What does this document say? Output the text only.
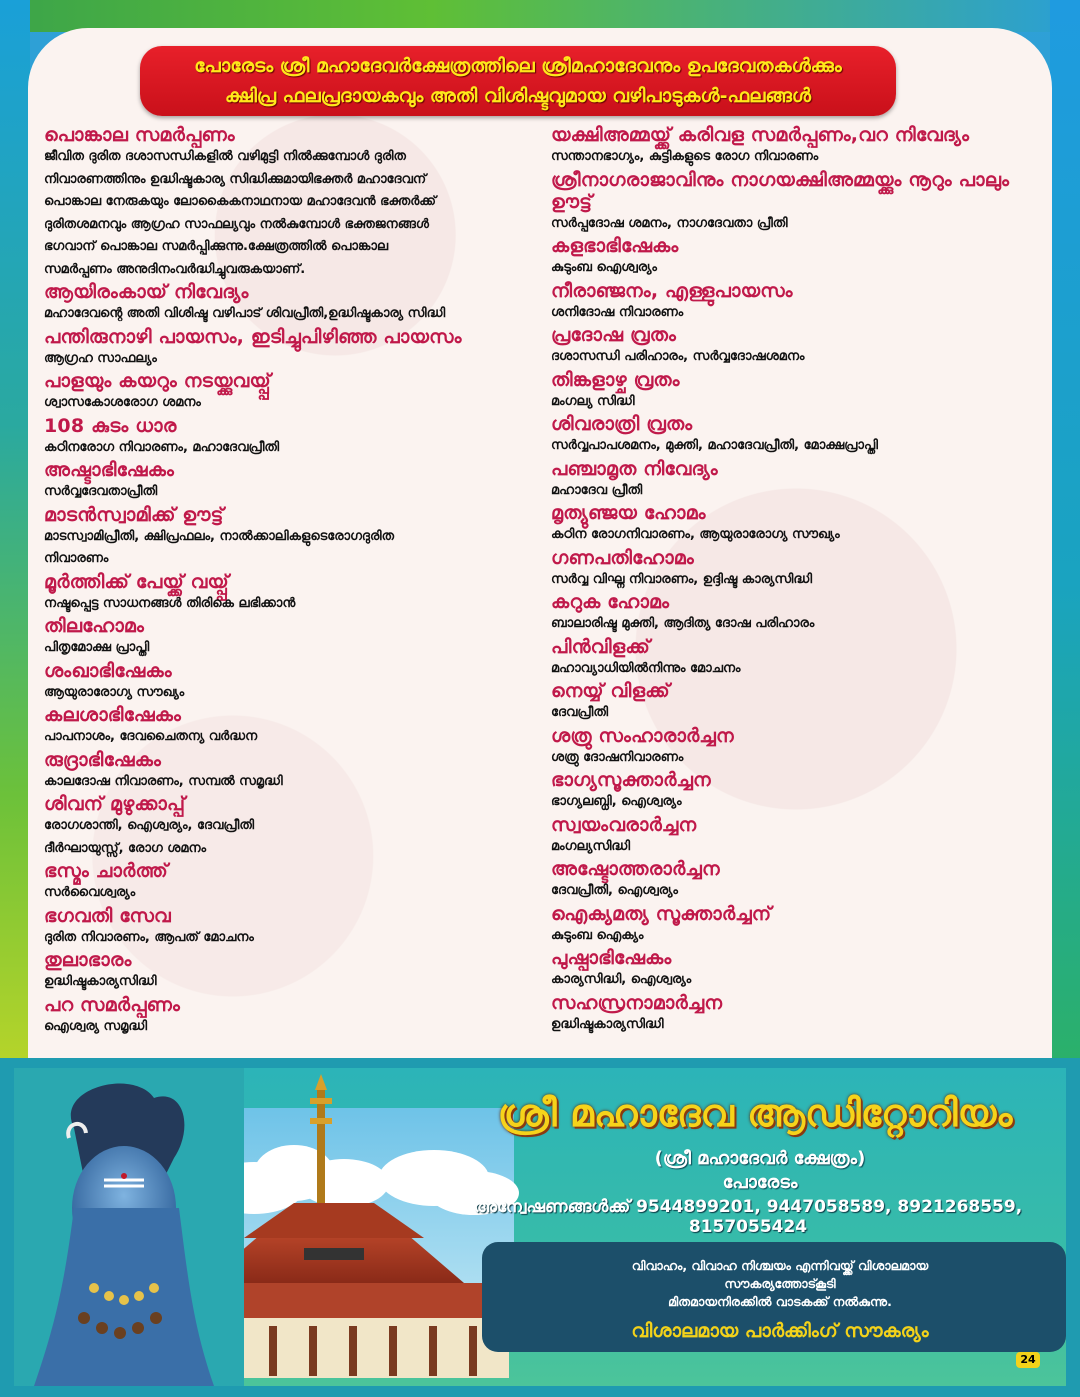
പോരേടം ശ്രീ മഹാദേവർക്ഷേത്രത്തിലെ ശ്രീമഹാദേവനും ഉപദേവതകൾക്കും
ക്ഷിപ്ര ഫലപ്രദായകവും അതി വിശിഷ്ടവുമായ വഴിപാടുകൾ-ഫലങ്ങൾ
പൊങ്കാല സമർപ്പണം

ജീവിത ദുരിത ദശാസന്ധികളിൽ വഴിമുട്ടി നിൽക്കുമ്പോൾ ദുരിത

നിവാരണത്തിനും ഉദ്ധിഷ്ടകാര്യ സിദ്ധിക്കുമായിഭക്തർ മഹാദേവന്

പൊങ്കാല നേരുകയും ലോകൈകനാഥനായ മഹാദേവൻ ഭക്തർക്ക്

ദുരിതശമനവും ആഗ്രഹ സാഫല്യവും നൽകുമ്പോൾ ഭക്തജനങ്ങൾ

ഭഗവാന് പൊങ്കാല സമർപ്പിക്കുന്നു.ക്ഷേത്രത്തിൽ പൊങ്കാല

സമർപ്പണം അനുദിനംവർദ്ധിച്ചുവരുകയാണ്.

ആയിരംകായ് നിവേദ്യം

മഹാദേവന്റെ അതി വിശിഷ്ട വഴിപാട് ശിവപ്രീതി,ഉദ്ധിഷ്ടകാര്യ സിദ്ധി

പന്തിരുനാഴി പായസം, ഇടിച്ചുപിഴിഞ്ഞ പായസം

ആഗ്രഹ സാഫല്യം

പാളയും കയറും നടയ്ക്കുവയ്പ്പ്

ശ്വാസകോശരോഗ ശമനം

108 കുടം ധാര

കഠിനരോഗ നിവാരണം, മഹാദേവപ്രീതി

അഷ്ടാഭിഷേകം

സർവ്വദേവതാപ്രീതി

മാടൻസ്വാമിക്ക് ഊട്ട്

മാടസ്വാമിപ്രീതി, ക്ഷിപ്രഫലം, നാൽക്കാലികളുടെരോഗദുരിത

നിവാരണം

മൂർത്തിക്ക് പേയ്ക്ക് വയ്പ്പ്

നഷ്ടപ്പെട്ട സാധനങ്ങൾ തിരികെ ലഭിക്കാൻ

തിലഹോമം

പിതൃമോക്ഷ പ്രാപ്തി

ശംഖാഭിഷേകം

ആയുരാരോഗ്യ സൗഖ്യം

കലശാഭിഷേകം

പാപനാശം, ദേവചൈതന്യ വർദ്ധന

രുദ്രാഭിഷേകം

കാലദോഷ നിവാരണം, സമ്പൽ സമൃദ്ധി

ശിവന് മുഴുക്കാപ്പ്

രോഗശാന്തി, ഐശ്വര്യം, ദേവപ്രീതി

ദീർഘായുസ്സ്, രോഗ ശമനം

ഭസ്മം ചാർത്ത്

സർവൈശ്വര്യം

ഭഗവതി സേവ

ദുരിത നിവാരണം, ആപത് മോചനം

തുലാഭാരം

ഉദ്ധിഷ്ടകാര്യസിദ്ധി

പറ സമർപ്പണം

ഐശ്വര്യ സമൃദ്ധി

യക്ഷിഅമ്മയ്ക്ക് കരിവള സമർപ്പണം,വറ നിവേദ്യം

സന്താനഭാഗ്യം, കുട്ടികളുടെ രോഗ നിവാരണം

ശ്രീനാഗരാജാവിനും നാഗയക്ഷിഅമ്മയ്ക്കും നൂറും പാലും ഊട്ട്

സർപ്പദോഷ ശമനം, നാഗദേവതാ പ്രീതി

കളഭാഭിഷേകം

കുടുംബ ഐശ്വര്യം

നീരാഞ്ജനം, എള്ളുപായസം

ശനിദോഷ നിവാരണം

പ്രദോഷ വ്രതം

ദശാസന്ധി പരിഹാരം, സർവ്വദോഷശമനം

തിങ്കളാഴ്ച വ്രതം

മംഗല്യ സിദ്ധി

ശിവരാത്രി വ്രതം

സർവ്വപാപശമനം, മുക്തി, മഹാദേവപ്രീതി, മോക്ഷപ്രാപ്തി

പഞ്ചാമൃത നിവേദ്യം

മഹാദേവ പ്രീതി

മൃത്യുഞ്ജയ ഹോമം

കഠിന രോഗനിവാരണം, ആയുരാരോഗ്യ സൗഖ്യം

ഗണപതിഹോമം

സർവ്വ വിഘ്ന നിവാരണം, ഉദ്ദിഷ്ട കാര്യസിദ്ധി

കറുക ഹോമം

ബാലാരിഷ്ട മുക്തി, ആദിത്യ ദോഷ പരിഹാരം

പിൻവിളക്ക്

മഹാവ്യാധിയിൽനിന്നും മോചനം

നെയ്യ് വിളക്ക്

ദേവപ്രീതി

ശത്രു സംഹാരാർച്ചന

ശത്രു ദോഷനിവാരണം

ഭാഗ്യസൂക്താർച്ചന

ഭാഗ്യലബ്ധി, ഐശ്വര്യം

സ്വയംവരാർച്ചന

മംഗല്യസിദ്ധി

അഷ്ടോത്തരാർച്ചന

ദേവപ്രീതി, ഐശ്വര്യം

ഐക്യമത്യ സൂക്താർച്ചന്

കുടുംബ ഐക്യം

പുഷ്പാഭിഷേകം

കാര്യസിദ്ധി, ഐശ്വര്യം

സഹസ്രനാമാർച്ചന

ഉദ്ധിഷ്ടകാര്യസിദ്ധി

ശ്രീ മഹാദേവ ആഡിറ്റോറിയം
(ശ്രീ മഹാദേവർ ക്ഷേത്രം)
പോരേടം
അന്വേഷണങ്ങൾക്ക് 9544899201, 9447058589, 8921268559, 8157055424
വിവാഹം, വിവാഹ നിശ്ചയം എന്നിവയ്ക്ക് വിശാലമായ
സൗകര്യത്തോട്കൂടി
മിതമായനിരക്കിൽ വാടകക്ക് നൽകുന്നു.
വിശാലമായ പാർക്കിംഗ് സൗകര്യം
24
